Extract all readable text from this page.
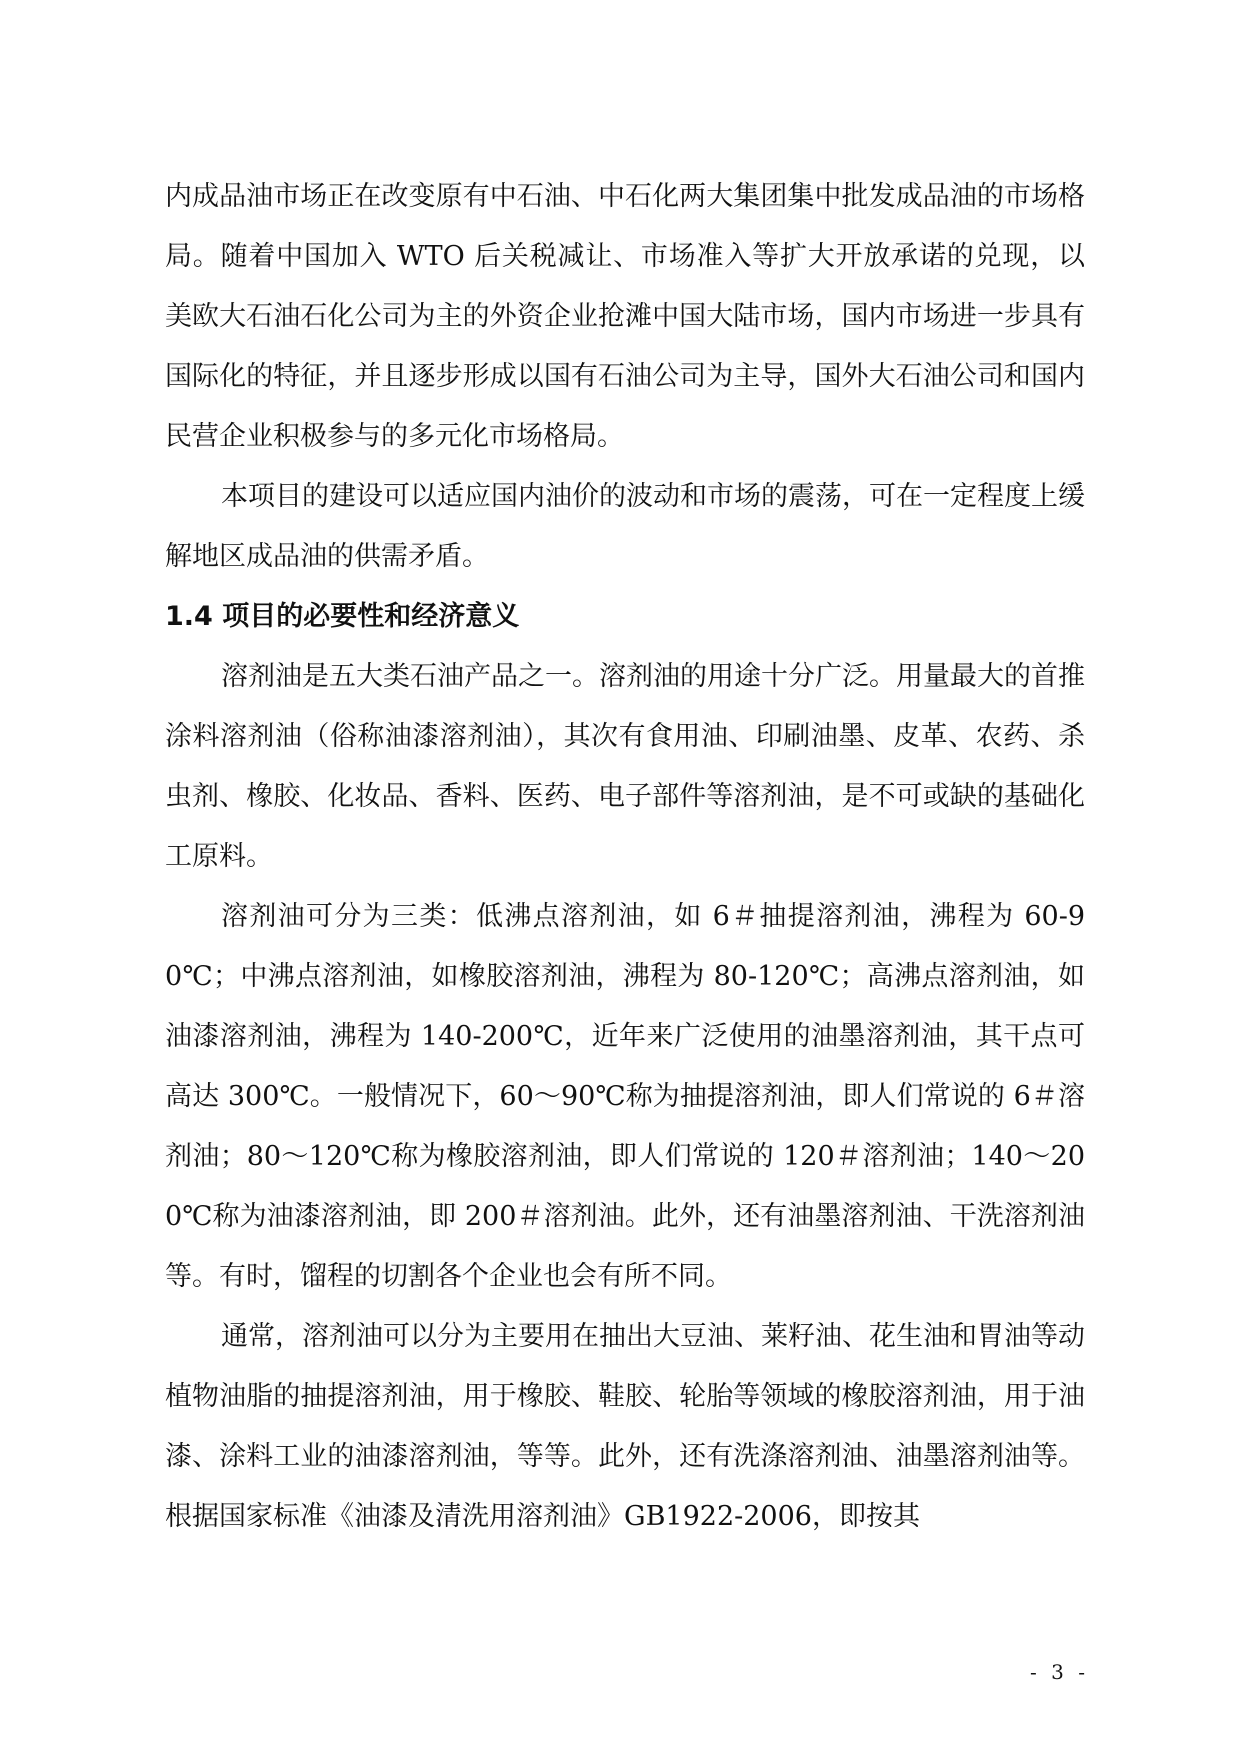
内成品油市场正在改变原有中石油、中石化两大集团集中批发成品油的市场格局。随着中国加入 WTO 后关税减让、市场准入等扩大开放承诺的兑现，以美欧大石油石化公司为主的外资企业抢滩中国大陆市场，国内市场进一步具有国际化的特征，并且逐步形成以国有石油公司为主导，国外大石油公司和国内民营企业积极参与的多元化市场格局。

本项目的建设可以适应国内油价的波动和市场的震荡，可在一定程度上缓解地区成品油的供需矛盾。

1.4 项目的必要性和经济意义

溶剂油是五大类石油产品之一。溶剂油的用途十分广泛。用量最大的首推涂料溶剂油（俗称油漆溶剂油），其次有食用油、印刷油墨、皮革、农药、杀虫剂、橡胶、化妆品、香料、医药、电子部件等溶剂油，是不可或缺的基础化工原料。

溶剂油可分为三类：低沸点溶剂油，如 6＃抽提溶剂油，沸程为 60-90℃；中沸点溶剂油，如橡胶溶剂油，沸程为 80-120℃；高沸点溶剂油，如油漆溶剂油，沸程为 140-200℃，近年来广泛使用的油墨溶剂油，其干点可高达 300℃。一般情况下，60～90℃称为抽提溶剂油，即人们常说的 6＃溶剂油；80～120℃称为橡胶溶剂油，即人们常说的 120＃溶剂油；140～200℃称为油漆溶剂油，即 200＃溶剂油。此外，还有油墨溶剂油、干洗溶剂油等。有时，馏程的切割各个企业也会有所不同。

通常，溶剂油可以分为主要用在抽出大豆油、莱籽油、花生油和胃油等动植物油脂的抽提溶剂油，用于橡胶、鞋胶、轮胎等领域的橡胶溶剂油，用于油漆、涂料工业的油漆溶剂油，等等。此外，还有洗涤溶剂油、油墨溶剂油等。根据国家标准《油漆及清洗用溶剂油》GB1922-2006，即按其

- 3 -
